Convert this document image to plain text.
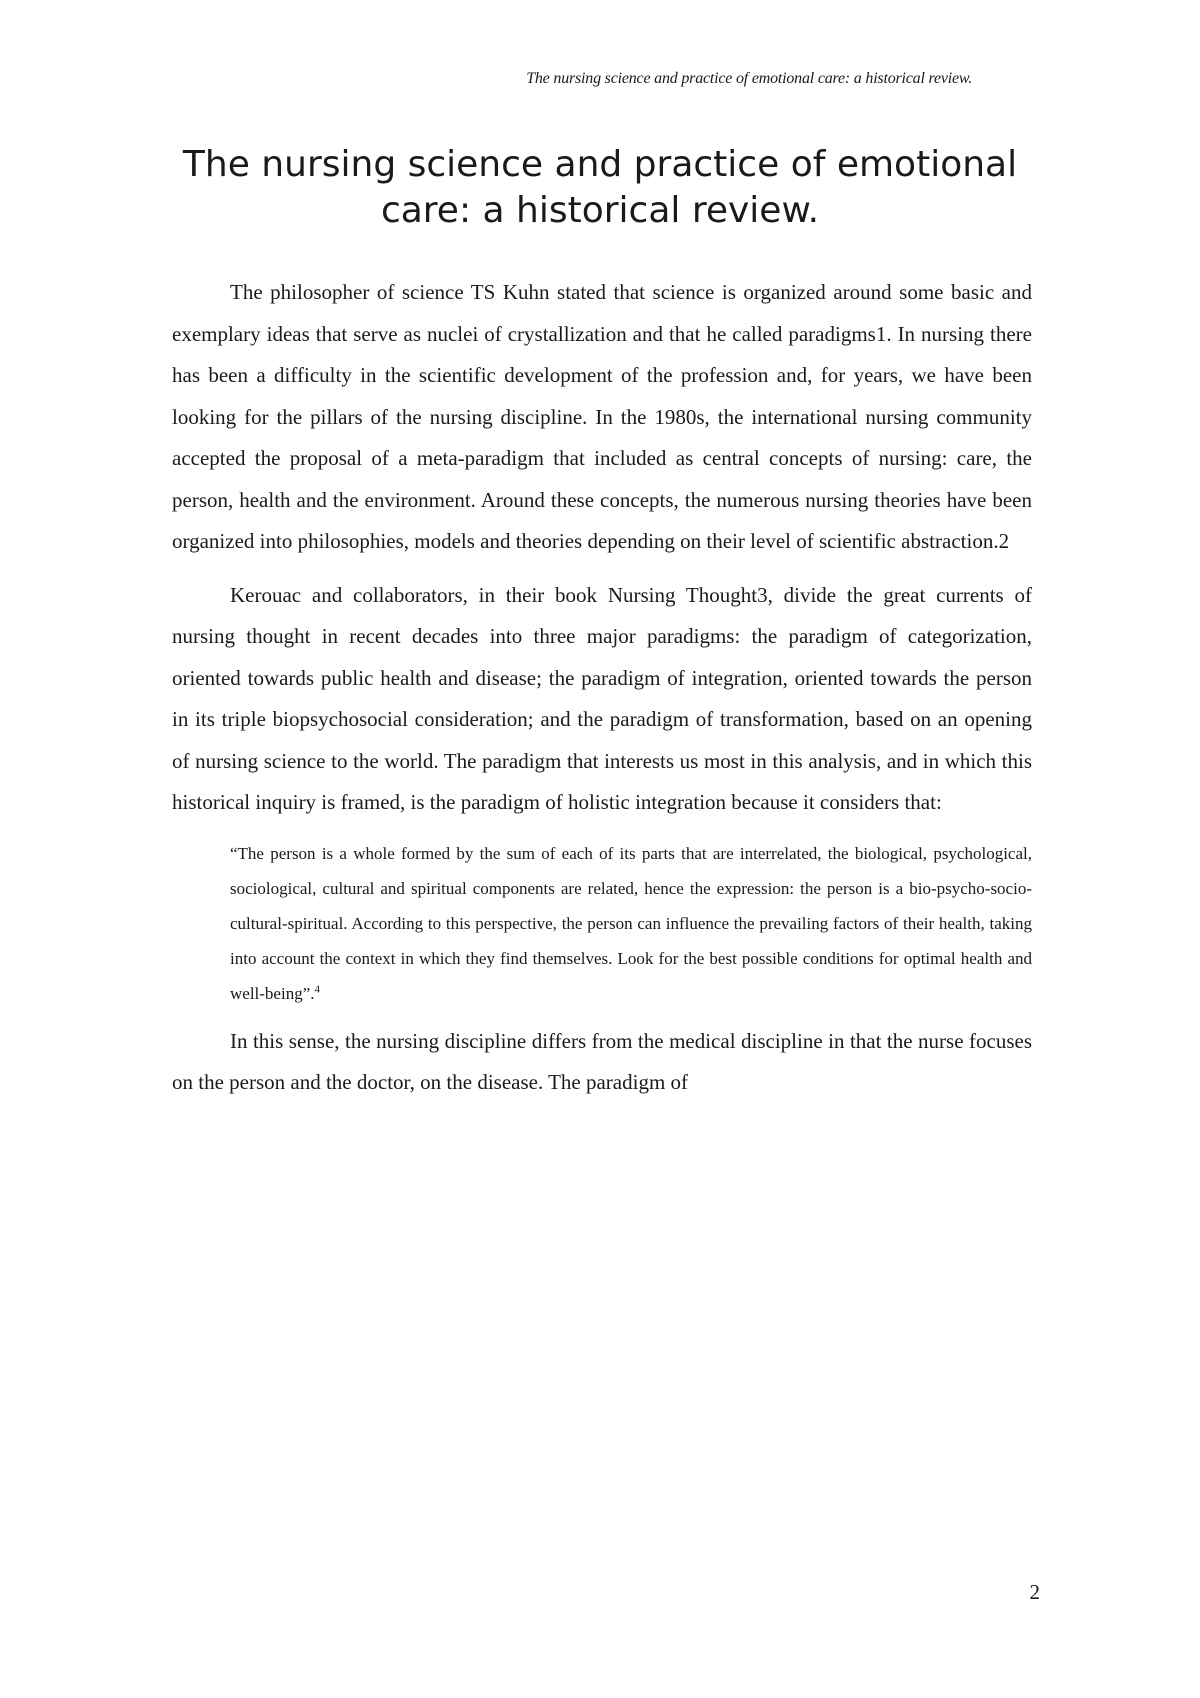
The nursing science and practice of emotional care: a historical review.
The nursing science and practice of emotional care: a historical review.

The philosopher of science TS Kuhn stated that science is organized around some basic and exemplary ideas that serve as nuclei of crystallization and that he called paradigms1. In nursing there has been a difficulty in the scientific development of the profession and, for years, we have been looking for the pillars of the nursing discipline. In the 1980s, the international nursing community accepted the proposal of a meta-paradigm that included as central concepts of nursing: care, the person, health and the environment. Around these concepts, the numerous nursing theories have been organized into philosophies, models and theories depending on their level of scientific abstraction.2

Kerouac and collaborators, in their book Nursing Thought3, divide the great currents of nursing thought in recent decades into three major paradigms: the paradigm of categorization, oriented towards public health and disease; the paradigm of integration, oriented towards the person in its triple biopsychosocial consideration; and the paradigm of transformation, based on an opening of nursing science to the world. The paradigm that interests us most in this analysis, and in which this historical inquiry is framed, is the paradigm of holistic integration because it considers that:

“The person is a whole formed by the sum of each of its parts that are interrelated, the biological, psychological, sociological, cultural and spiritual components are related, hence the expression: the person is a bio-psycho-socio- cultural-spiritual. According to this perspective, the person can influence the prevailing factors of their health, taking into account the context in which they find themselves. Look for the best possible conditions for optimal health and well-being”.$^4$

In this sense, the nursing discipline differs from the medical discipline in that the nurse focuses on the person and the doctor, on the disease. The paradigm of

2
